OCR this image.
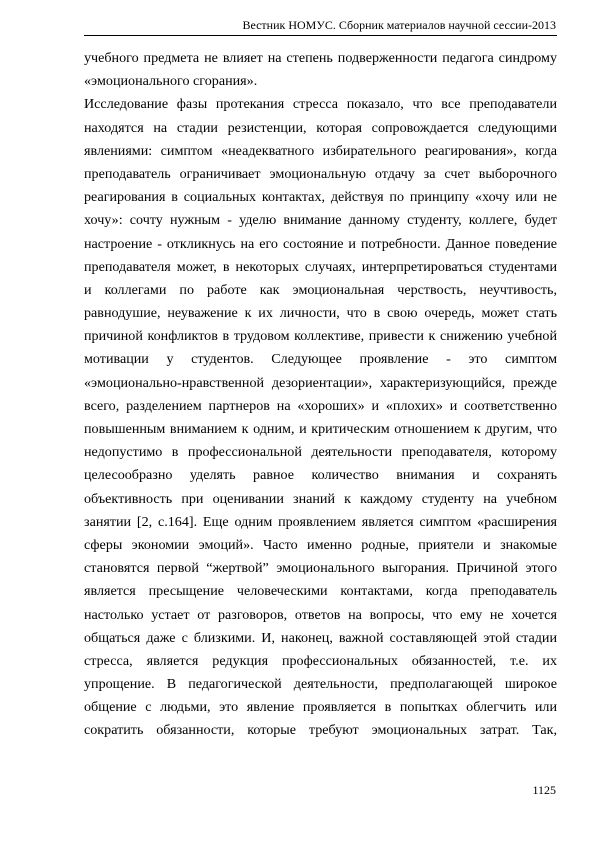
Вестник НОМУС. Сборник материалов научной сессии-2013
учебного предмета не влияет на степень подверженности педагога синдрому
«эмоционального сгорания».
Исследование фазы протекания стресса показало, что все преподаватели
находятся на стадии резистенции, которая сопровождается следующими
явлениями: симптом «неадекватного избирательного реагирования», когда
преподаватель ограничивает эмоциональную отдачу за счет выборочного
реагирования в социальных контактах, действуя по принципу «хочу или не
хочу»: сочту нужным - уделю внимание данному студенту, коллеге, будет
настроение - откликнусь на его состояние и потребности. Данное поведение
преподавателя может, в некоторых случаях, интерпретироваться студентами
и коллегами по работе как эмоциональная черствость, неучтивость,
равнодушие, неуважение к их личности, что в свою очередь, может стать
причиной конфликтов в трудовом коллективе, привести к снижению учебной
мотивации у студентов. Следующее проявление - это симптом
«эмоционально-нравственной дезориентации», характеризующийся, прежде
всего, разделением партнеров на «хороших» и «плохих» и соответственно
повышенным вниманием к одним, и критическим отношением к другим, что
недопустимо в профессиональной деятельности преподавателя, которому
целесообразно уделять равное количество внимания и сохранять
объективность при оценивании знаний к каждому студенту на учебном
занятии [2, с.164]. Еще одним проявлением является симптом «расширения
сферы экономии эмоций». Часто именно родные, приятели и знакомые
становятся первой “жертвой” эмоционального выгорания. Причиной этого
является пресыщение человеческими контактами, когда преподаватель
настолько устает от разговоров, ответов на вопросы, что ему не хочется
общаться даже с близкими. И, наконец, важной составляющей этой стадии
стресса, является редукция профессиональных обязанностей, т.е. их
упрощение. В педагогической деятельности, предполагающей широкое
общение с людьми, это явление проявляется в попытках облегчить или
сократить обязанности, которые требуют эмоциональных затрат. Так,
1125
